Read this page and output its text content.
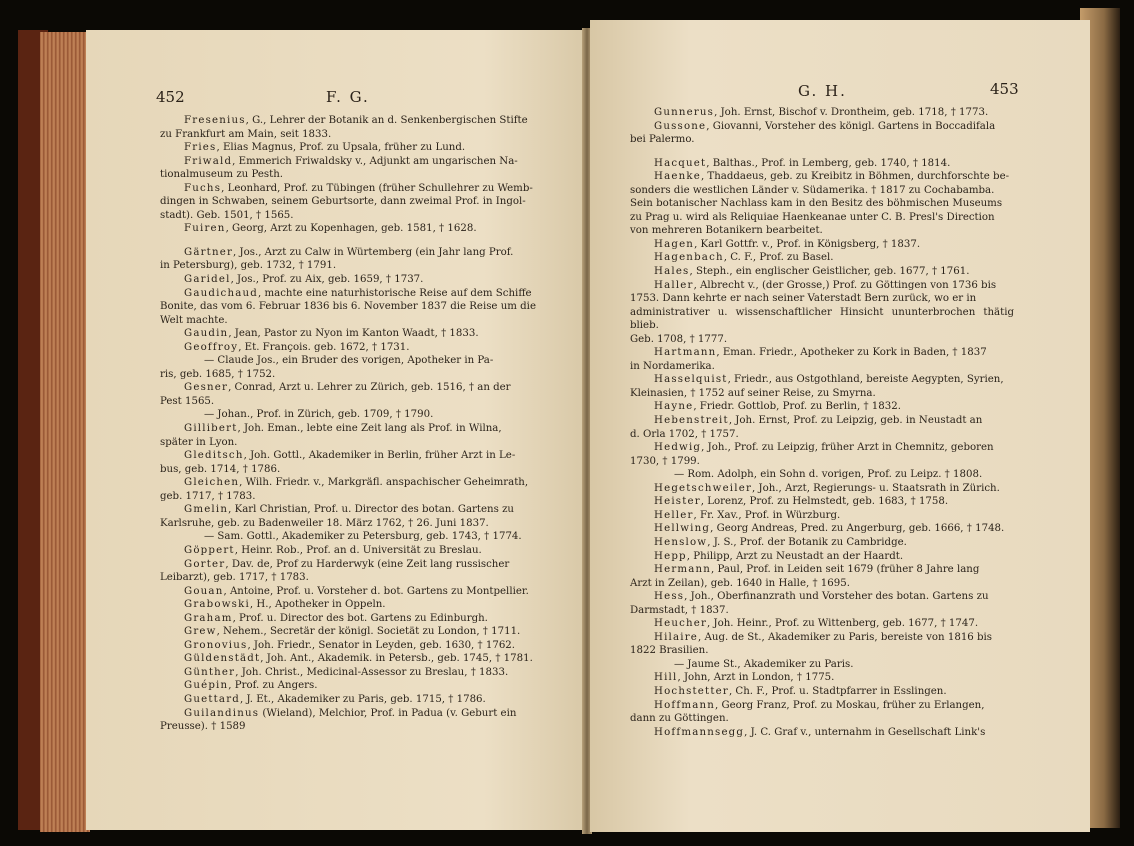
452	F. G.
Fresenius, G., Lehrer der Botanik an d. Senkenbergischen Stifte
zu Frankfurt am Main, seit 1833.
Fries, Elias Magnus, Prof. zu Upsala, früher zu Lund.
Friwald, Emmerich Friwaldsky v., Adjunkt am ungarischen Na-
tionalmuseum zu Pesth.
Fuchs, Leonhard, Prof. zu Tübingen (früher Schullehrer zu Wemb-
dingen in Schwaben, seinem Geburtsorte, dann zweimal Prof. in Ingol-
stadt). Geb. 1501, † 1565.
Fuiren, Georg, Arzt zu Kopenhagen, geb. 1581, † 1628.
Gärtner, Jos., Arzt zu Calw in Würtemberg (ein Jahr lang Prof.
in Petersburg), geb. 1732, † 1791.
Garidel, Jos., Prof. zu Aix, geb. 1659, † 1737.
Gaudichaud, machte eine naturhistorische Reise auf dem Schiffe
Bonite, das vom 6. Februar 1836 bis 6. November 1837 die Reise um die
Welt machte.
Gaudin, Jean, Pastor zu Nyon im Kanton Waadt, † 1833.
Geoffroy, Et. François. geb. 1672, † 1731.
— Claude Jos., ein Bruder des vorigen, Apotheker in Pa-
ris, geb. 1685, † 1752.
Gesner, Conrad, Arzt u. Lehrer zu Zürich, geb. 1516, † an der
Pest 1565.
— Johan., Prof. in Zürich, geb. 1709, † 1790.
Gillibert, Joh. Eman., lebte eine Zeit lang als Prof. in Wilna,
später in Lyon.
Gleditsch, Joh. Gottl., Akademiker in Berlin, früher Arzt in Le-
bus, geb. 1714, † 1786.
Gleichen, Wilh. Friedr. v., Markgräfl. anspachischer Geheimrath,
geb. 1717, † 1783.
Gmelin, Karl Christian, Prof. u. Director des botan. Gartens zu
Karlsruhe, geb. zu Badenweiler 18. März 1762, † 26. Juni 1837.
— Sam. Gottl., Akademiker zu Petersburg, geb. 1743, † 1774.
Göppert, Heinr. Rob., Prof. an d. Universität zu Breslau.
Gorter, Dav. de, Prof zu Harderwyk (eine Zeit lang russischer
Leibarzt), geb. 1717, † 1783.
Gouan, Antoine, Prof. u. Vorsteher d. bot. Gartens zu Montpellier.
Grabowski, H., Apotheker in Oppeln.
Graham, Prof. u. Director des bot. Gartens zu Edinburgh.
Grew, Nehem., Secretär der königl. Societät zu London, † 1711.
Gronovius, Joh. Friedr., Senator in Leyden, geb. 1630, † 1762.
Güldenstädt, Joh. Ant., Akademik. in Petersb., geb. 1745, † 1781.
Günther, Joh. Christ., Medicinal-Assessor zu Breslau, † 1833.
Guépin, Prof. zu Angers.
Guettard, J. Et., Akademiker zu Paris, geb. 1715, † 1786.
Guilandinus (Wieland), Melchior, Prof. in Padua (v. Geburt ein
Preusse). † 1589
453
G. H.
Gunnerus, Joh. Ernst, Bischof v. Drontheim, geb. 1718, † 1773.
Gussone, Giovanni, Vorsteher des königl. Gartens in Boccadifala
bei Palermo.
Hacquet, Balthas., Prof. in Lemberg, geb. 1740, † 1814.
Haenke, Thaddaeus, geb. zu Kreibitz in Böhmen, durchforschte be-
sonders die westlichen Länder v. Südamerika. † 1817 zu Cochabamba.
Sein botanischer Nachlass kam in den Besitz des böhmischen Museums
zu Prag u. wird als Reliquiae Haenkeanae unter C. B. Presl's Direction
von mehreren Botanikern bearbeitet.
Hagen, Karl Gottfr. v., Prof. in Königsberg, † 1837.
Hagenbach, C. F., Prof. zu Basel.
Hales, Steph., ein englischer Geistlicher, geb. 1677, † 1761.
Haller, Albrecht v., (der Grosse,) Prof. zu Göttingen von 1736 bis
1753. Dann kehrte er nach seiner Vaterstadt Bern zurück, wo er in
administrativer u. wissenschaftlicher Hinsicht ununterbrochen thätig blieb.
Geb. 1708, † 1777.
Hartmann, Eman. Friedr., Apotheker zu Kork in Baden, † 1837
in Nordamerika.
Hasselquist, Friedr., aus Ostgothland, bereiste Aegypten, Syrien,
Kleinasien, † 1752 auf seiner Reise, zu Smyrna.
Hayne, Friedr. Gottlob, Prof. zu Berlin, † 1832.
Hebenstreit, Joh. Ernst, Prof. zu Leipzig, geb. in Neustadt an
d. Orla 1702, † 1757.
Hedwig, Joh., Prof. zu Leipzig, früher Arzt in Chemnitz, geboren
1730, † 1799.
— Rom. Adolph, ein Sohn d. vorigen, Prof. zu Leipz. † 1808.
Hegetschweiler, Joh., Arzt, Regierungs- u. Staatsrath in Zürich.
Heister, Lorenz, Prof. zu Helmstedt, geb. 1683, † 1758.
Heller, Fr. Xav., Prof. in Würzburg.
Hellwing, Georg Andreas, Pred. zu Angerburg, geb. 1666, † 1748.
Henslow, J. S., Prof. der Botanik zu Cambridge.
Hepp, Philipp, Arzt zu Neustadt an der Haardt.
Hermann, Paul, Prof. in Leiden seit 1679 (früher 8 Jahre lang
Arzt in Zeilan), geb. 1640 in Halle, † 1695.
Hess, Joh., Oberfinanzrath und Vorsteher des botan. Gartens zu
Darmstadt, † 1837.
Heucher, Joh. Heinr., Prof. zu Wittenberg, geb. 1677, † 1747.
Hilaire, Aug. de St., Akademiker zu Paris, bereiste von 1816 bis
1822 Brasilien.
— Jaume St., Akademiker zu Paris.
Hill, John, Arzt in London, † 1775.
Hochstetter, Ch. F., Prof. u. Stadtpfarrer in Esslingen.
Hoffmann, Georg Franz, Prof. zu Moskau, früher zu Erlangen,
dann zu Göttingen.
Hoffmannsegg, J. C. Graf v., unternahm in Gesellschaft Link's
